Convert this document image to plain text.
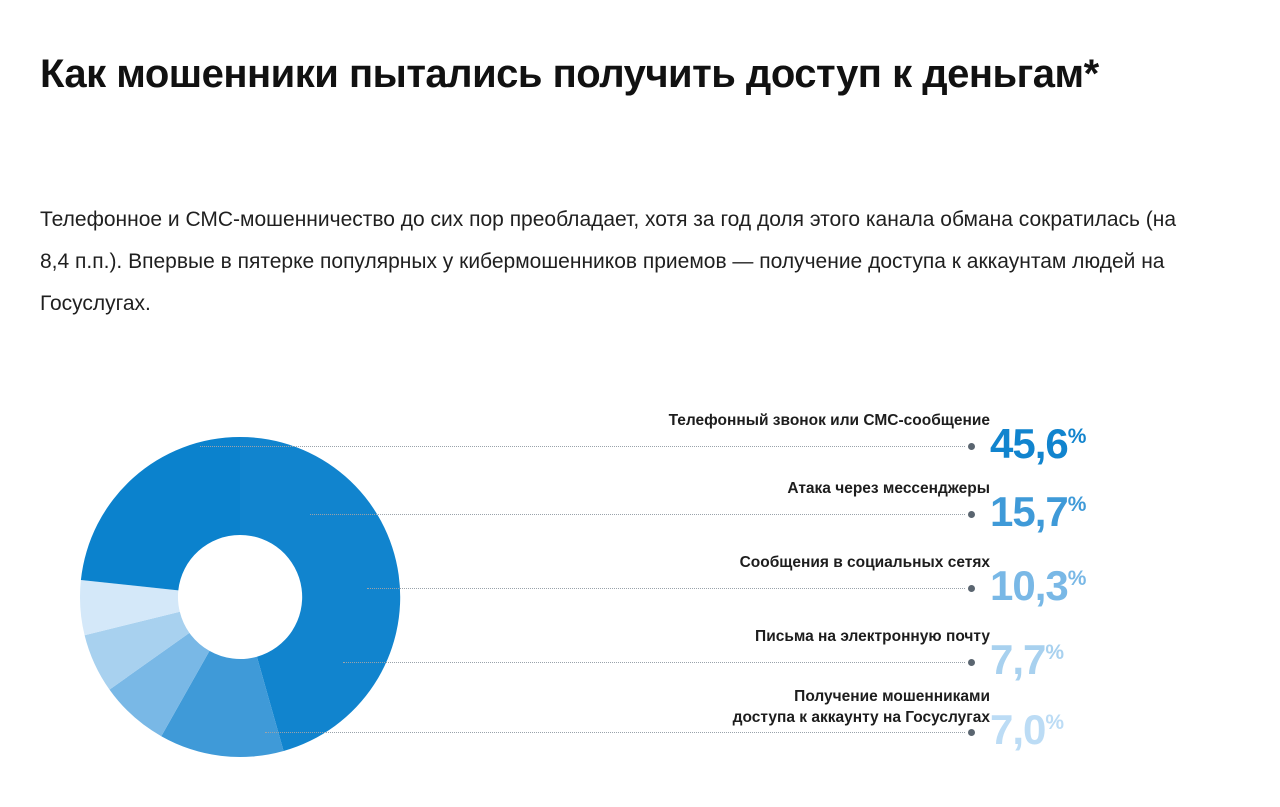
Как мошенники пытались получить доступ к деньгам*

Телефонное и СМС-мошенничество до сих пор преобладает, хотя за год доля этого канала обмана сократилась (на 8,4 п.п.). Впервые в пятерке популярных у кибермошенников приемов — получение доступа к аккаунтам людей на Госуслугах.

Телефонный звонок или СМС-сообщение 45,6%
Атака через мессенджеры 15,7%
Сообщения в социальных сетях 10,3%
Письма на электронную почту 7,7%
Получение мошенниками
доступа к аккаунту на Госуслугах 7,0%
